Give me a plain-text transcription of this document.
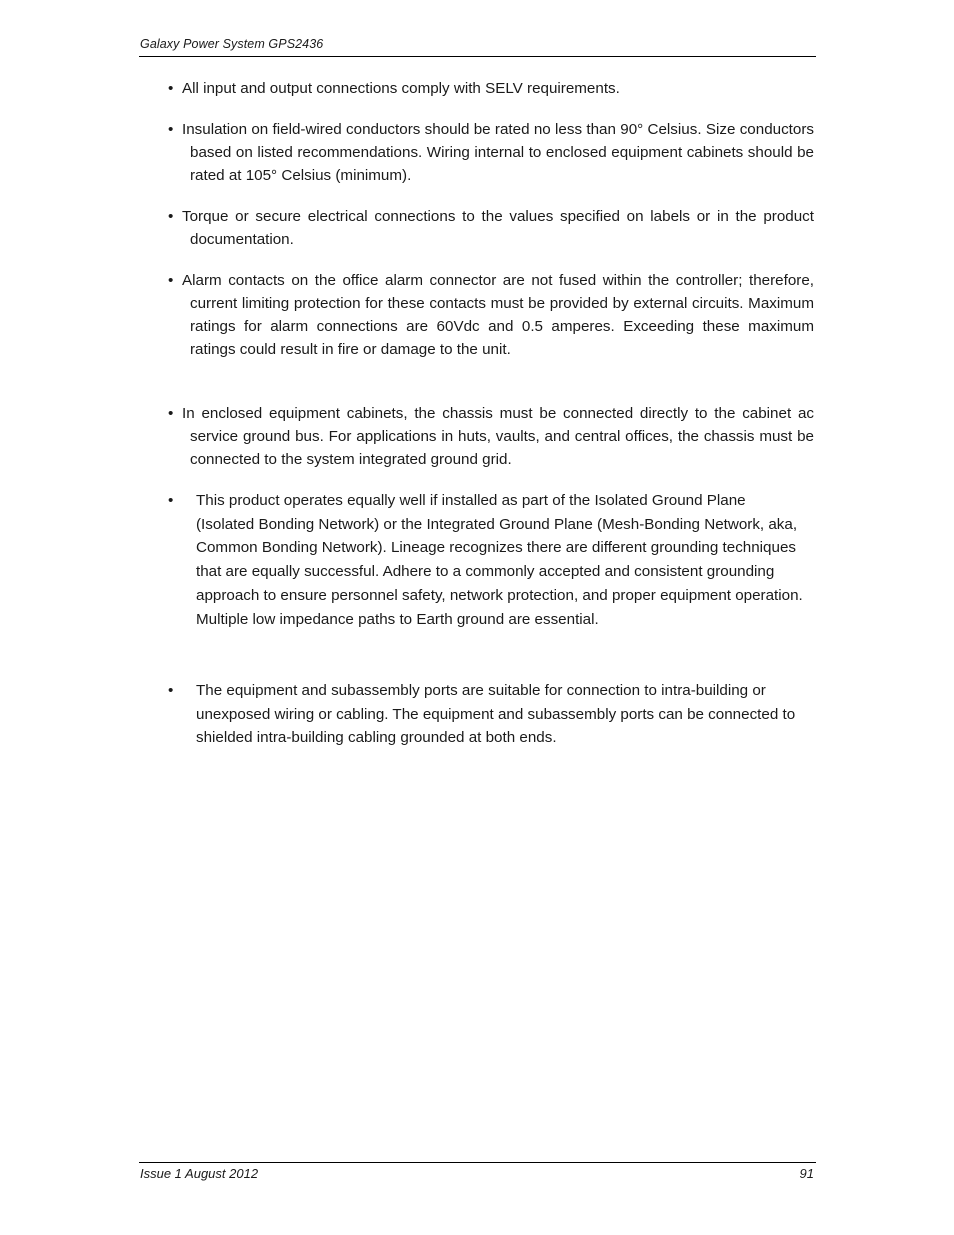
Galaxy Power System GPS2436
• All input and output connections comply with SELV requirements.
• Insulation on field-wired conductors should be rated no less than 90° Celsius. Size conductors based on listed recommendations. Wiring internal to enclosed equipment cabinets should be rated at 105° Celsius (minimum).
• Torque or secure electrical connections to the values specified on labels or in the product documentation.
• Alarm contacts on the office alarm connector are not fused within the controller; therefore, current limiting protection for these contacts must be provided by external circuits. Maximum ratings for alarm connections are 60Vdc and 0.5 amperes. Exceeding these maximum ratings could result in fire or damage to the unit.
• In enclosed equipment cabinets, the chassis must be connected directly to the cabinet ac service ground bus. For applications in huts, vaults, and central offices, the chassis must be connected to the system integrated ground grid.
• This product operates equally well if installed as part of the Isolated Ground Plane (Isolated Bonding Network) or the Integrated Ground Plane (Mesh-Bonding Network, aka, Common Bonding Network). Lineage recognizes there are different grounding techniques that are equally successful. Adhere to a commonly accepted and consistent grounding approach to ensure personnel safety, network protection, and proper equipment operation. Multiple low impedance paths to Earth ground are essential.
• The equipment and subassembly ports are suitable for connection to intra-building or unexposed wiring or cabling. The equipment and subassembly ports can be connected to shielded intra-building cabling grounded at both ends.
Issue 1 August 2012	91
